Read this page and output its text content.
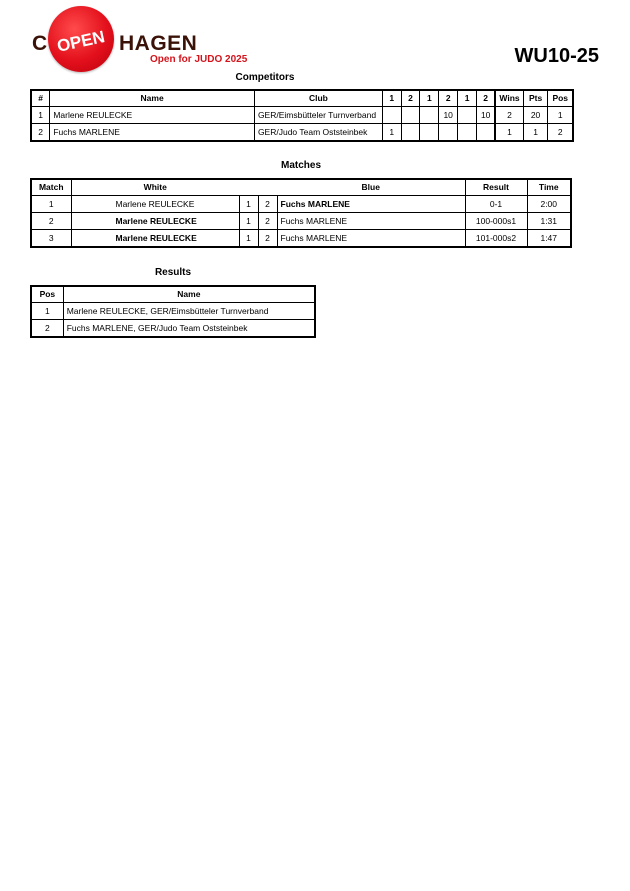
C OPEN HAGEN
Open for JUDO 2025	WU10-25
Competitors
#	Name	Club	1	2	1	2	1	2	Wins	Pts	Pos
1	Marlene REULECKE	GER/Eimsbütteler Turnverband				10		10	2	20	1
2	Fuchs MARLENE	GER/Judo Team Oststeinbek	1						1	1	2
Matches
Match	White			Blue	Result	Time
1	Marlene REULECKE	1	2	Fuchs MARLENE	0-1	2:00
2	Marlene REULECKE	1	2	Fuchs MARLENE	100-000s1	1:31
3	Marlene REULECKE	1	2	Fuchs MARLENE	101-000s2	1:47
Results
Pos	Name
1	Marlene REULECKE, GER/Eimsbütteler Turnverband
2	Fuchs MARLENE, GER/Judo Team Oststeinbek
